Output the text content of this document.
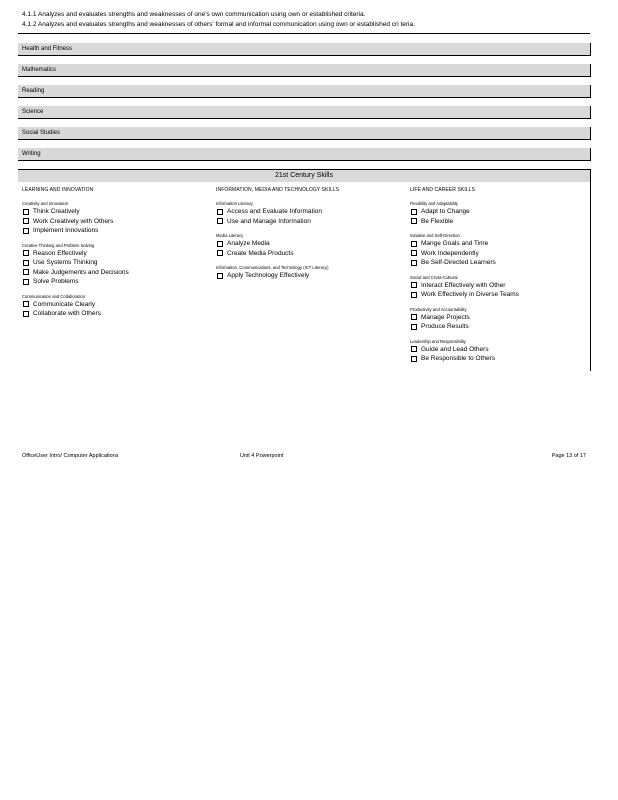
4.1.1 Analyzes and evaluates strengths and weaknesses of one's own communication using own or established criteria.
4.1.2 Analyzes and evaluates strengths and weaknesses of others' formal and informal communication using own or established cri teria.
Health and Fitness
Mathematics
Reading
Science
Social Studies
Writing
21st Century Skills
LEARNING AND INNOVATION
Creativity and Innovation
Think Creatively
Work Creatively with Others
Implement Innovations
Creative Thinking and Problem Solving
Reason Effectively
Use Systems Thinking
Make Judgements and Decisions
Solve Problems
Communication and Collaboration
Communicate Clearly
Collaborate with Others
INFORMATION, MEDIA AND TECHNOLOGY SKILLS
Information Literacy
Access and Evaluate Information
Use and Manage Information
Media Literacy
Analyze Media
Create Media Products
Information, Communications, and Technology (ICT Literacy)
Apply Technology Effectively
LIFE AND CAREER SKILLS
Flexibility and Adaptability
Adapt to Change
Be Flexible
Initiative and Self-Direction
Mange Goals and Time
Work Independently
Be Self-Directed Learners
Social and Cross-Cultural
Interact Effectively with Other
Work Effectively in Diverse Teams
Productivity and Accountability
Manage Projects
Produce Results
Leadership and Responsibility
Guide and Lead Others
Be Responsible to Others
OfficeUser Intro/ Computer Applications	Unit 4 Powerpoint	Page 13 of 17
